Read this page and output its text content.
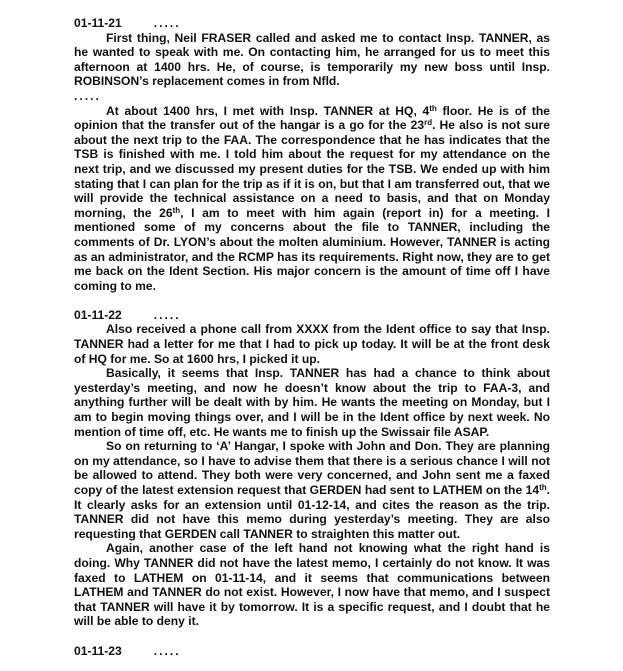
01-11-21	.....

First thing, Neil FRASER called and asked me to contact Insp. TANNER, as he wanted to speak with me. On contacting him, he arranged for us to meet this afternoon at 1400 hrs. He, of course, is temporarily my new boss until Insp. ROBINSON’s replacement comes in from Nfld.

.....

At about 1400 hrs, I met with Insp. TANNER at HQ, 4th floor. He is of the opinion that the transfer out of the hangar is a go for the 23rd. He also is not sure about the next trip to the FAA. The correspondence that he has indicates that the TSB is finished with me. I told him about the request for my attendance on the next trip, and we discussed my present duties for the TSB. We ended up with him stating that I can plan for the trip as if it is on, but that I am transferred out, that we will provide the technical assistance on a need to basis, and that on Monday morning, the 26th, I am to meet with him again (report in) for a meeting. I mentioned some of my concerns about the file to TANNER, including the comments of Dr. LYON’s about the molten aluminium. However, TANNER is acting as an administrator, and the RCMP has its requirements. Right now, they are to get me back on the Ident Section. His major concern is the amount of time off I have coming to me.

01-11-22	.....

Also received a phone call from XXXX from the Ident office to say that Insp. TANNER had a letter for me that I had to pick up today. It will be at the front desk of HQ for me. So at 1600 hrs, I picked it up.

Basically, it seems that Insp. TANNER has had a chance to think about yesterday’s meeting, and now he doesn’t know about the trip to FAA-3, and anything further will be dealt with by him. He wants the meeting on Monday, but I am to begin moving things over, and I will be in the Ident office by next week. No mention of time off, etc. He wants me to finish up the Swissair file ASAP.

So on returning to ‘A’ Hangar, I spoke with John and Don. They are planning on my attendance, so I have to advise them that there is a serious chance I will not be allowed to attend. They both were very concerned, and John sent me a faxed copy of the latest extension request that GERDEN had sent to LATHEM on the 14th. It clearly asks for an extension until 01-12-14, and cites the reason as the trip. TANNER did not have this memo during yesterday’s meeting. They are also requesting that GERDEN call TANNER to straighten this matter out.

Again, another case of the left hand not knowing what the right hand is doing. Why TANNER did not have the latest memo, I certainly do not know. It was faxed to LATHEM on 01-11-14, and it seems that communications between LATHEM and TANNER do not exist. However, I now have that memo, and I suspect that TANNER will have it by tomorrow. It is a specific request, and I doubt that he will be able to deny it.

01-11-23	.....
